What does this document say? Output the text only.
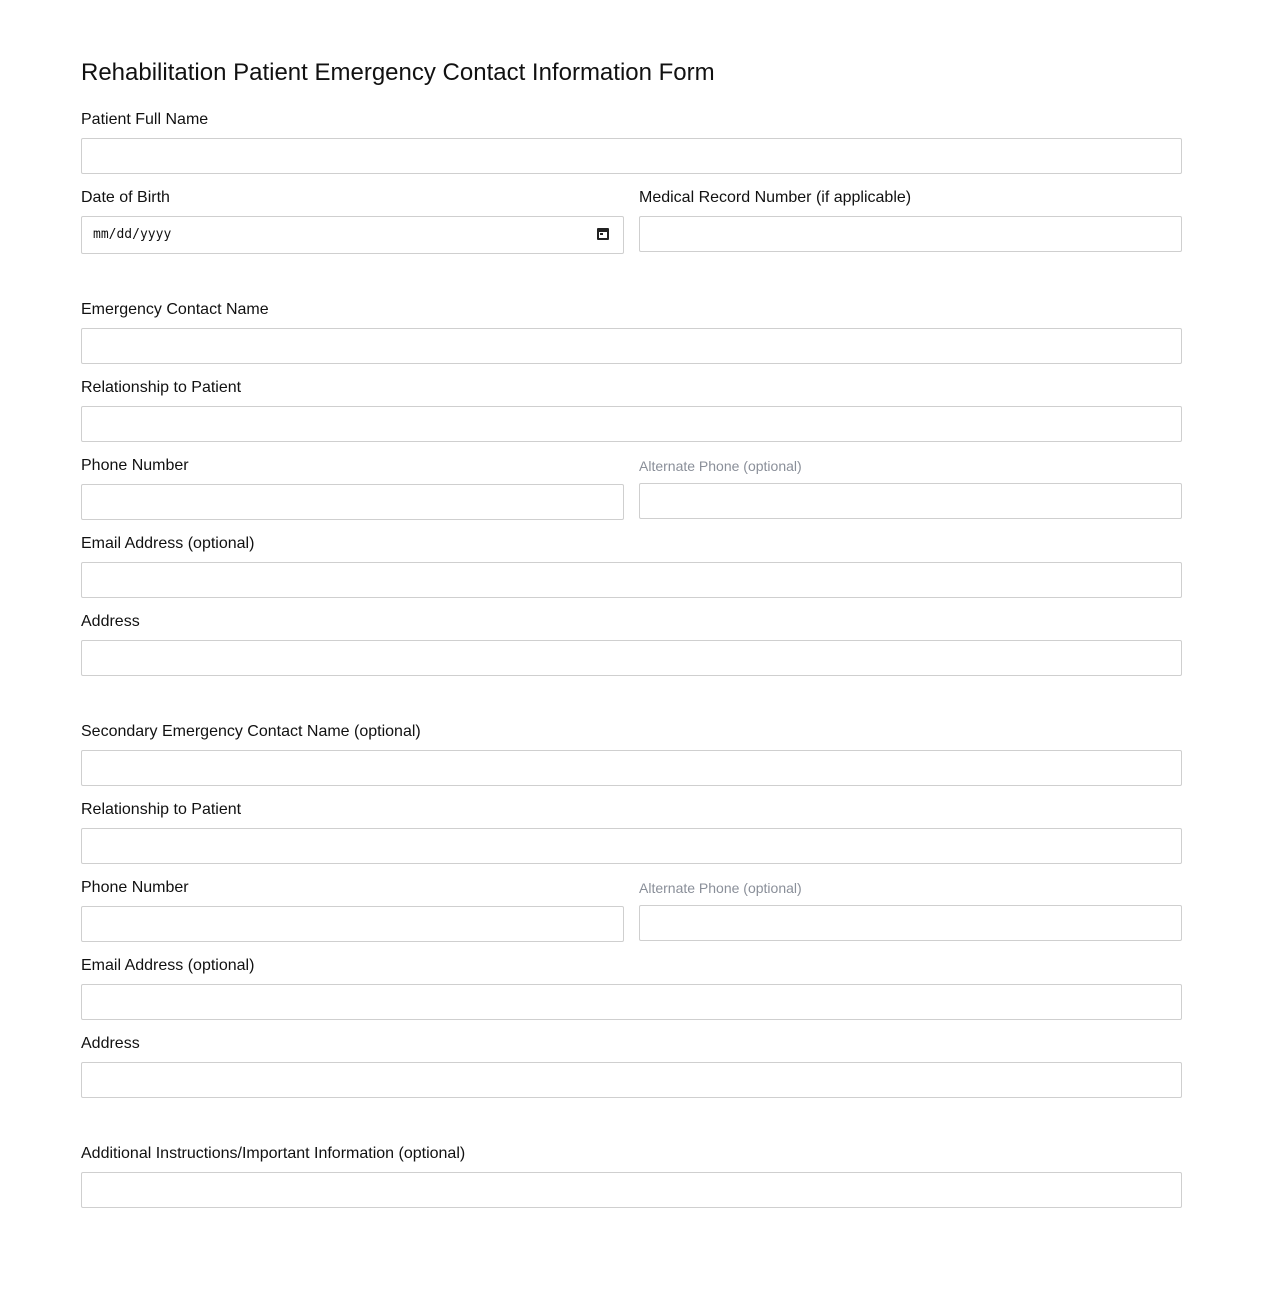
Rehabilitation Patient Emergency Contact Information Form
Patient Full Name
Date of Birth
mm/dd/yyyy
Medical Record Number (if applicable)
Emergency Contact Name
Relationship to Patient
Phone Number	Alternate Phone (optional)
Email Address (optional)
Address
Secondary Emergency Contact Name (optional)
Relationship to Patient
Phone Number	Alternate Phone (optional)
Email Address (optional)
Address
Additional Instructions/Important Information (optional)
